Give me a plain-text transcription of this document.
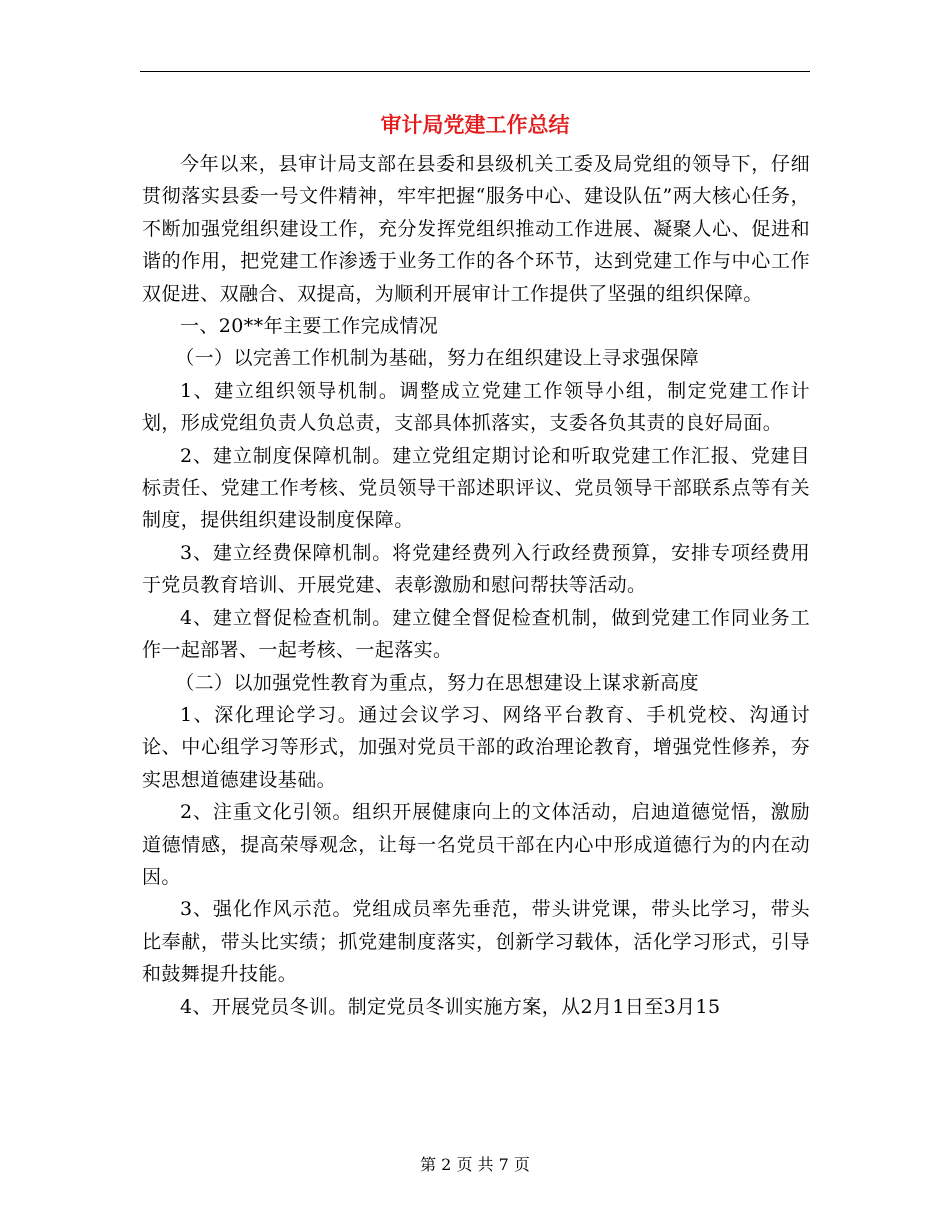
审计局党建工作总结

今年以来，县审计局支部在县委和县级机关工委及局党组的领导下，仔细贯彻落实县委一号文件精神，牢牢把握“服务中心、建设队伍”两大核心任务，不断加强党组织建设工作，充分发挥党组织推动工作进展、凝聚人心、促进和谐的作用，把党建工作渗透于业务工作的各个环节，达到党建工作与中心工作双促进、双融合、双提高，为顺利开展审计工作提供了坚强的组织保障。

一、20**年主要工作完成情况

（一）以完善工作机制为基础，努力在组织建设上寻求强保障

1、建立组织领导机制。调整成立党建工作领导小组，制定党建工作计划，形成党组负责人负总责，支部具体抓落实，支委各负其责的良好局面。

2、建立制度保障机制。建立党组定期讨论和听取党建工作汇报、党建目标责任、党建工作考核、党员领导干部述职评议、党员领导干部联系点等有关制度，提供组织建设制度保障。

3、建立经费保障机制。将党建经费列入行政经费预算，安排专项经费用于党员教育培训、开展党建、表彰激励和慰问帮扶等活动。

4、建立督促检查机制。建立健全督促检查机制，做到党建工作同业务工作一起部署、一起考核、一起落实。

（二）以加强党性教育为重点，努力在思想建设上谋求新高度

1、深化理论学习。通过会议学习、网络平台教育、手机党校、沟通讨论、中心组学习等形式，加强对党员干部的政治理论教育，增强党性修养，夯实思想道德建设基础。

2、注重文化引领。组织开展健康向上的文体活动，启迪道德觉悟，激励道德情感，提高荣辱观念，让每一名党员干部在内心中形成道德行为的内在动因。

3、强化作风示范。党组成员率先垂范，带头讲党课，带头比学习，带头比奉献，带头比实绩；抓党建制度落实，创新学习载体，活化学习形式，引导和鼓舞提升技能。

4、开展党员冬训。制定党员冬训实施方案，从2月1日至3月15

第 2 页 共 7 页
